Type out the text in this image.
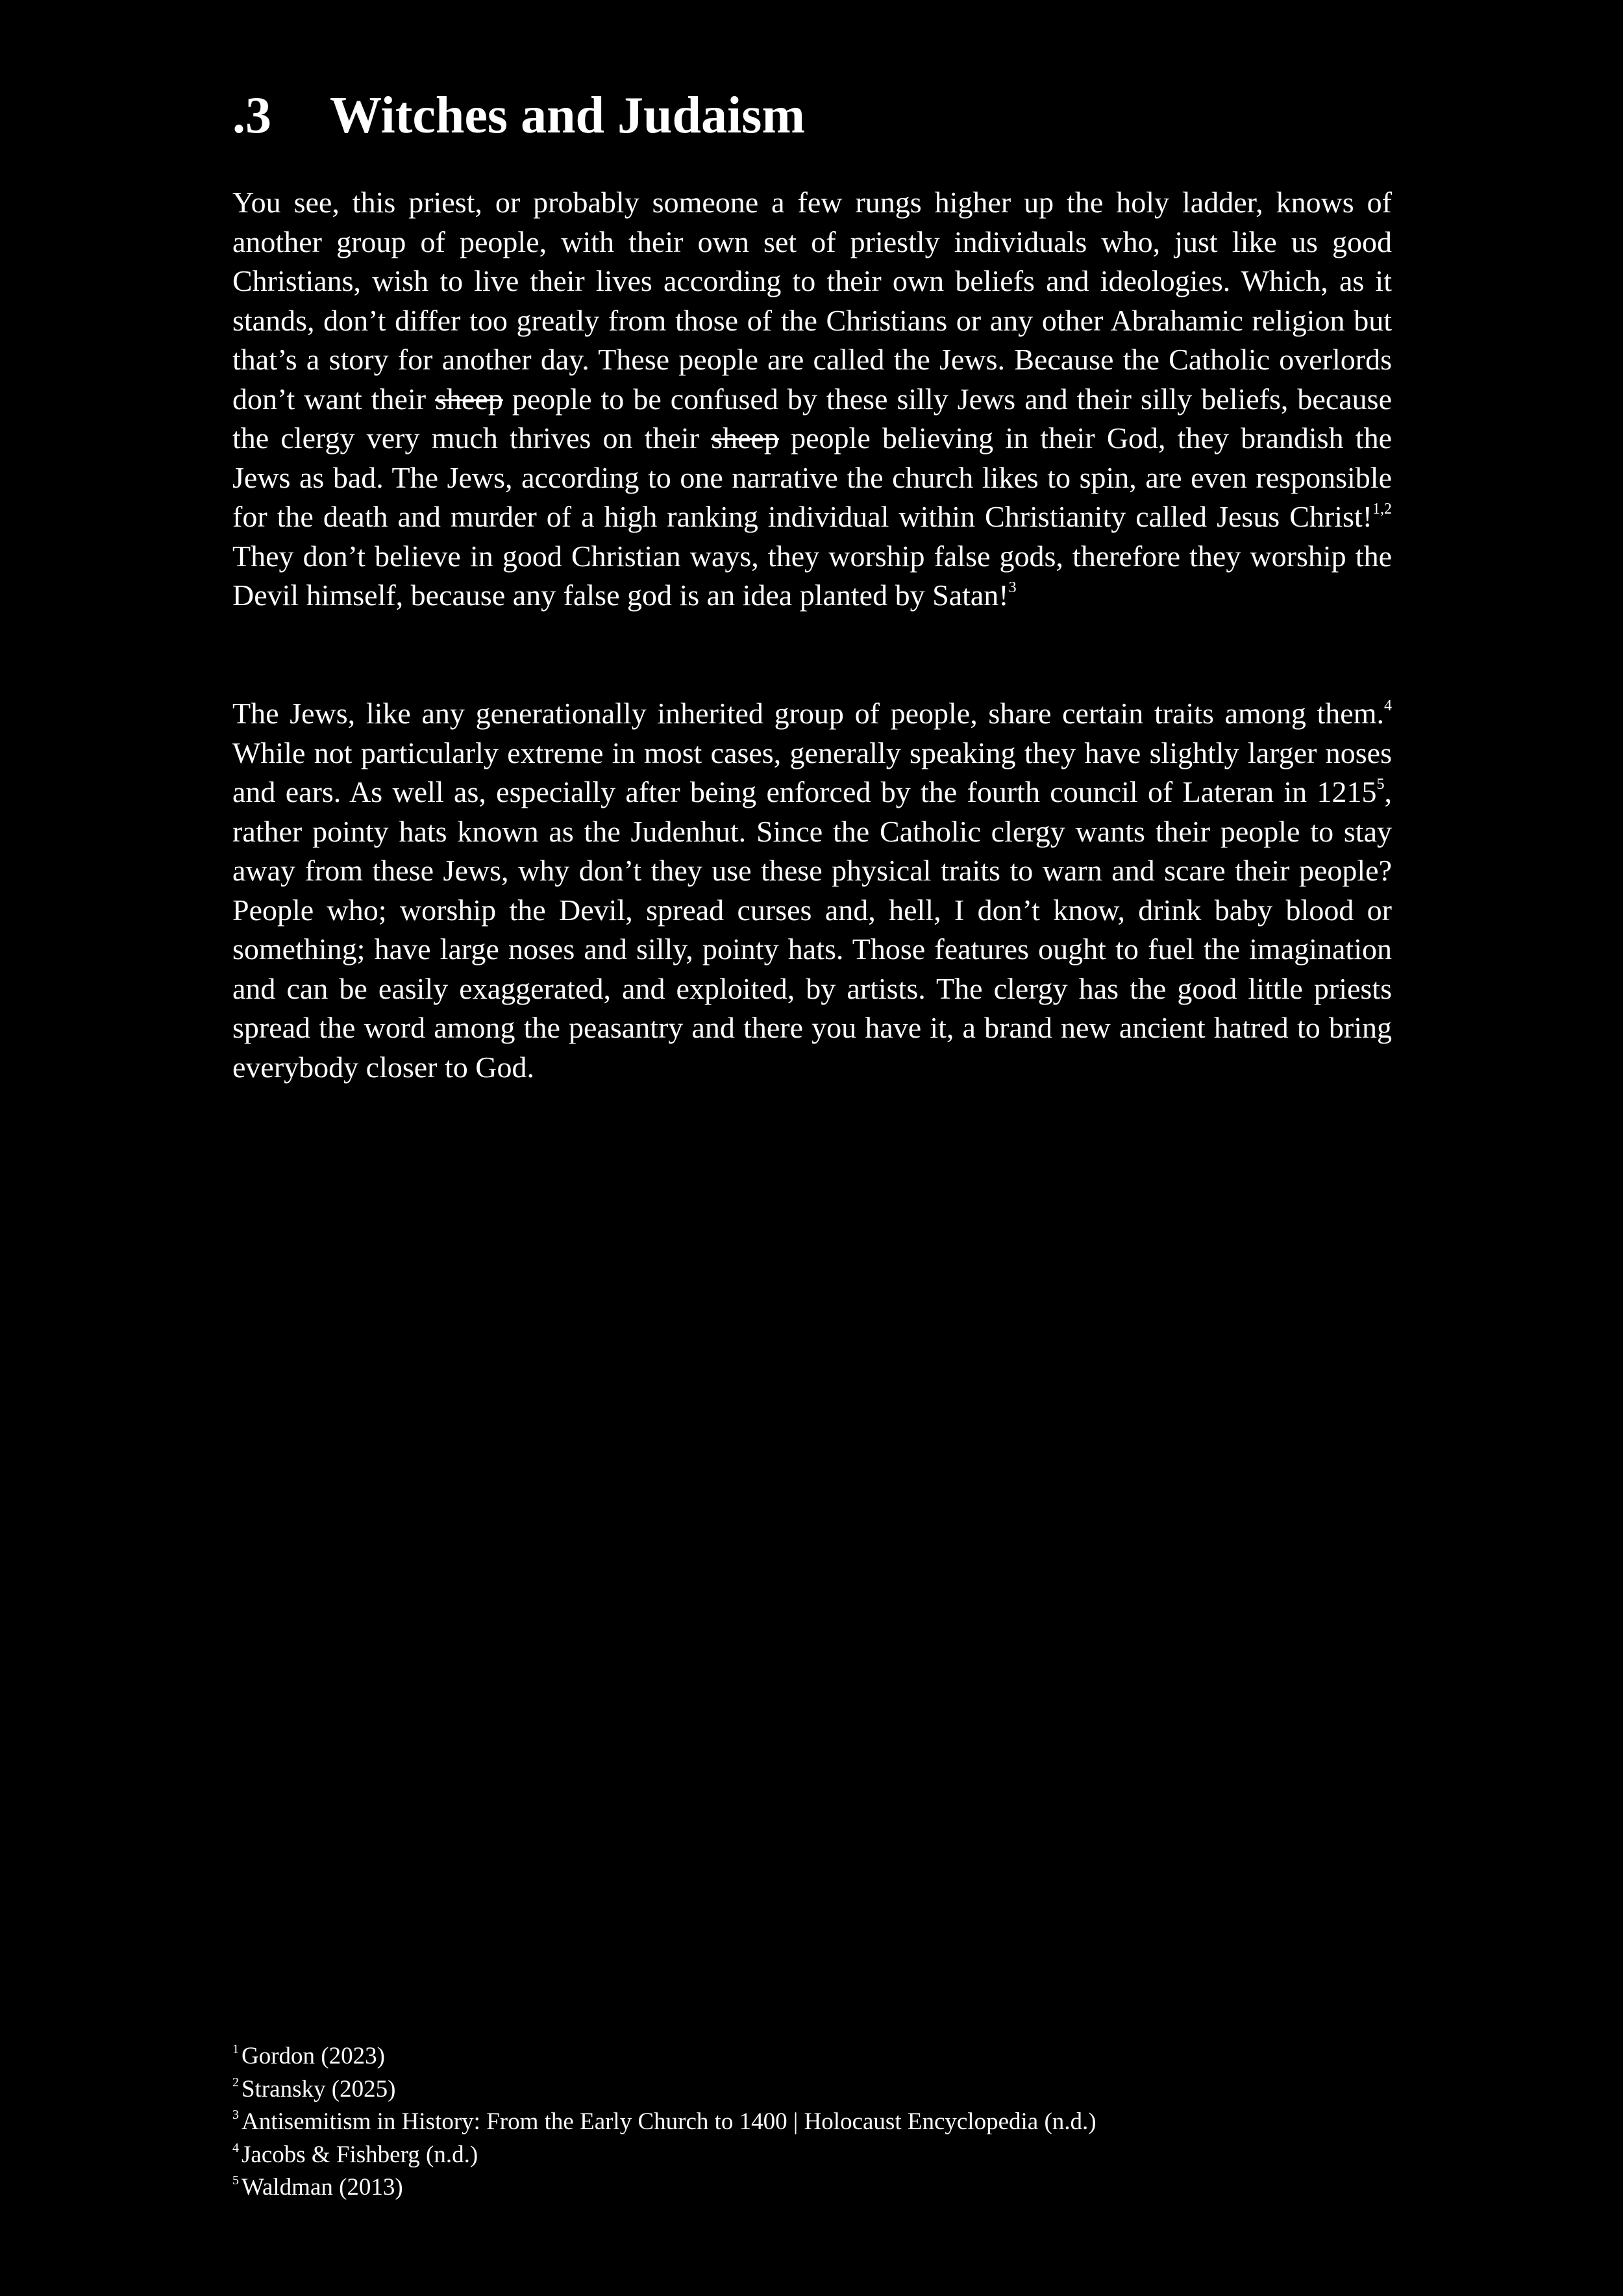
.3 Witches and Judaism

You see, this priest, or probably someone a few rungs higher up the holy ladder, knows of another group of people, with their own set of priestly individuals who, just like us good Christians, wish to live their lives according to their own beliefs and ideologies. Which, as it stands, don’t differ too greatly from those of the Christians or any other Abrahamic religion but that’s a story for another day. These people are called the Jews. Because the Catholic overlords don’t want their sheep people to be confused by these silly Jews and their silly beliefs, because the clergy very much thrives on their sheep people believing in their God, they brandish the Jews as bad. The Jews, according to one narrative the church likes to spin, are even responsible for the death and murder of a high ranking individual within Christianity called Jesus Christ!$^{1,2}$ They don’t believe in good Christian ways, they worship false gods, therefore they worship the Devil himself, because any false god is an idea planted by Satan!$^3$

The Jews, like any generationally inherited group of people, share certain traits among them.$^4$ While not particularly extreme in most cases, generally speaking they have slightly larger noses and ears. As well as, especially after being enforced by the fourth council of Lateran in 1215$^5$, rather pointy hats known as the Judenhut. Since the Catholic clergy wants their people to stay away from these Jews, why don’t they use these physical traits to warn and scare their people? People who; worship the Devil, spread curses and, hell, I don’t know, drink baby blood or something; have large noses and silly, pointy hats. Those features ought to fuel the imagination and can be easily exaggerated, and exploited, by artists. The clergy has the good little priests spread the word among the peasantry and there you have it, a brand new ancient hatred to bring everybody closer to God.

$^1$ Gordon (2023)
$^2$ Stransky (2025)
$^3$ Antisemitism in History: From the Early Church to 1400 | Holocaust Encyclopedia (n.d.)
$^4$ Jacobs & Fishberg (n.d.)
$^5$ Waldman (2013)
